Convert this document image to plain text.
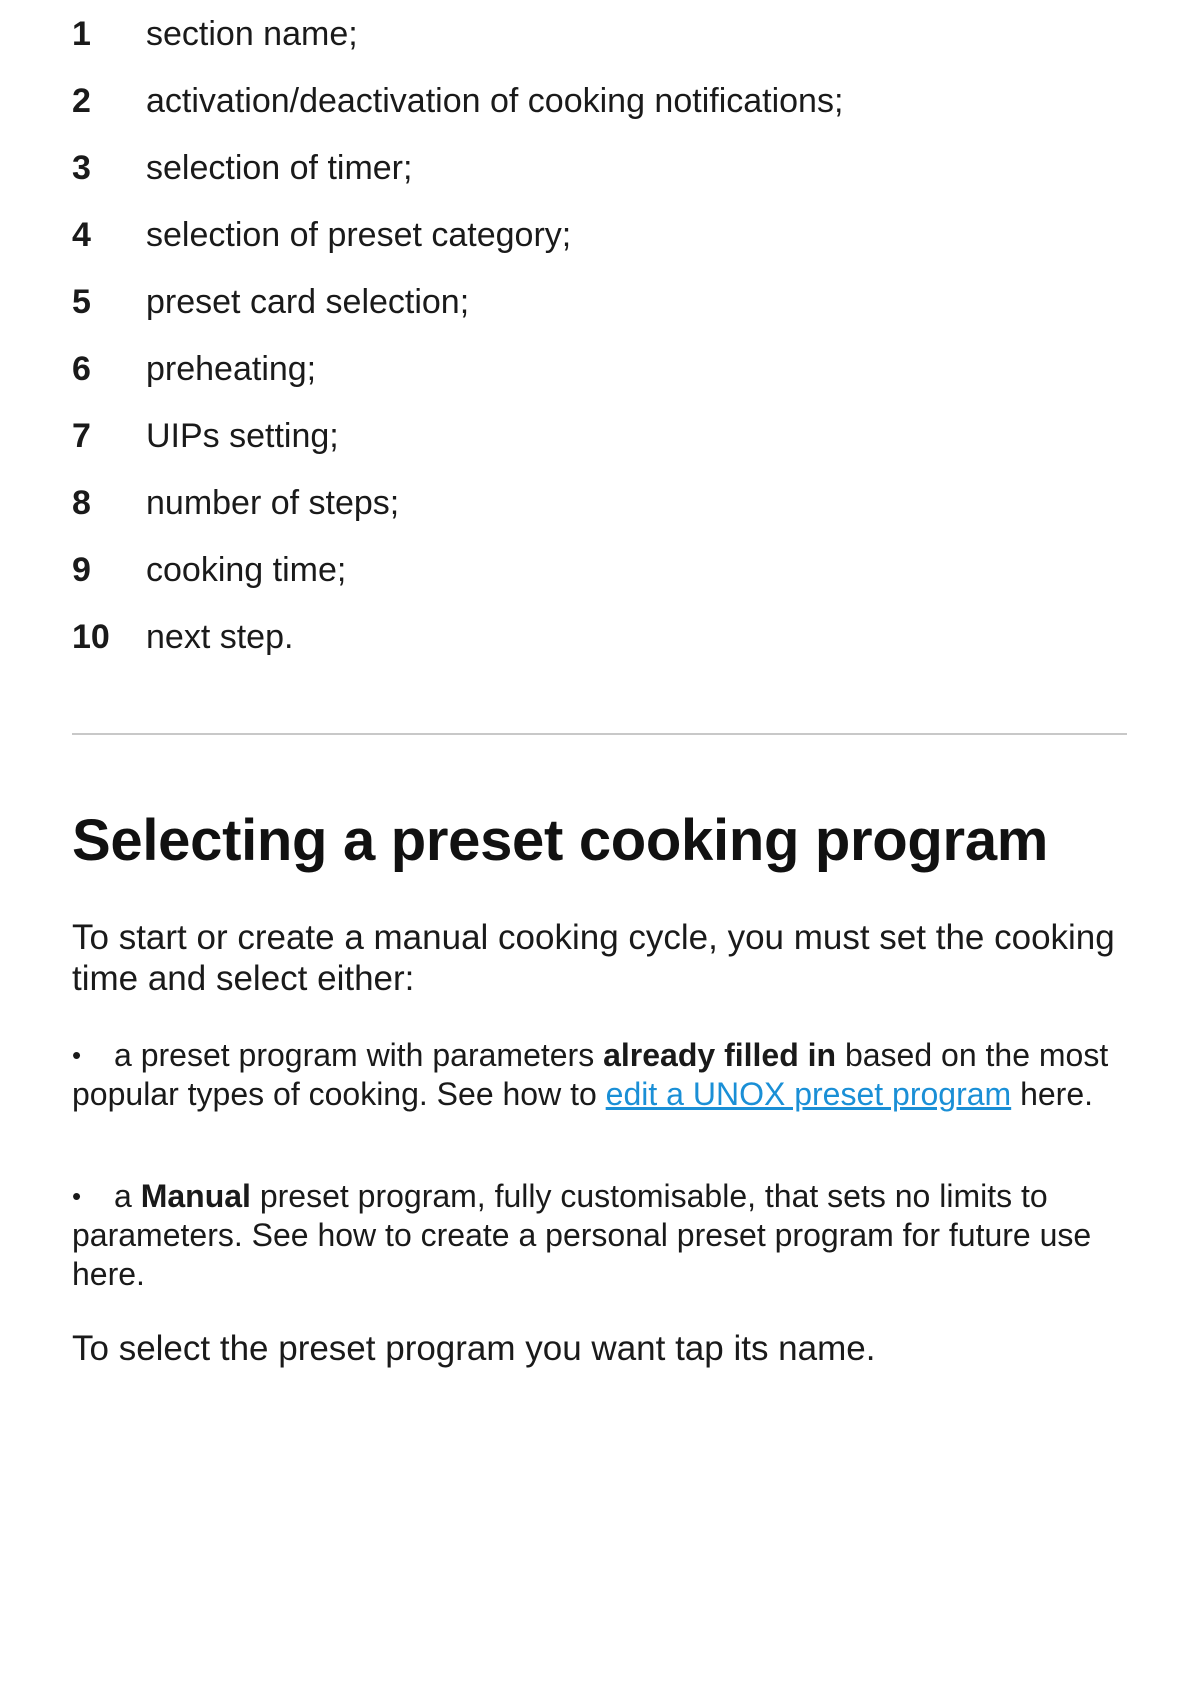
1	section name;
2	activation/deactivation of cooking notifications;
3	selection of timer;
4	selection of preset category;
5	preset card selection;
6	preheating;
7	UIPs setting;
8	number of steps;
9	cooking time;
10	next step.
Selecting a preset cooking program

To start or create a manual cooking cycle, you must set the cooking time and select either:

• a preset program with parameters already filled in based on the most popular types of cooking. See how to edit a UNOX preset program here.

• a Manual preset program, fully customisable, that sets no limits to parameters. See how to create a personal preset program for future use here.

To select the preset program you want tap its name.
